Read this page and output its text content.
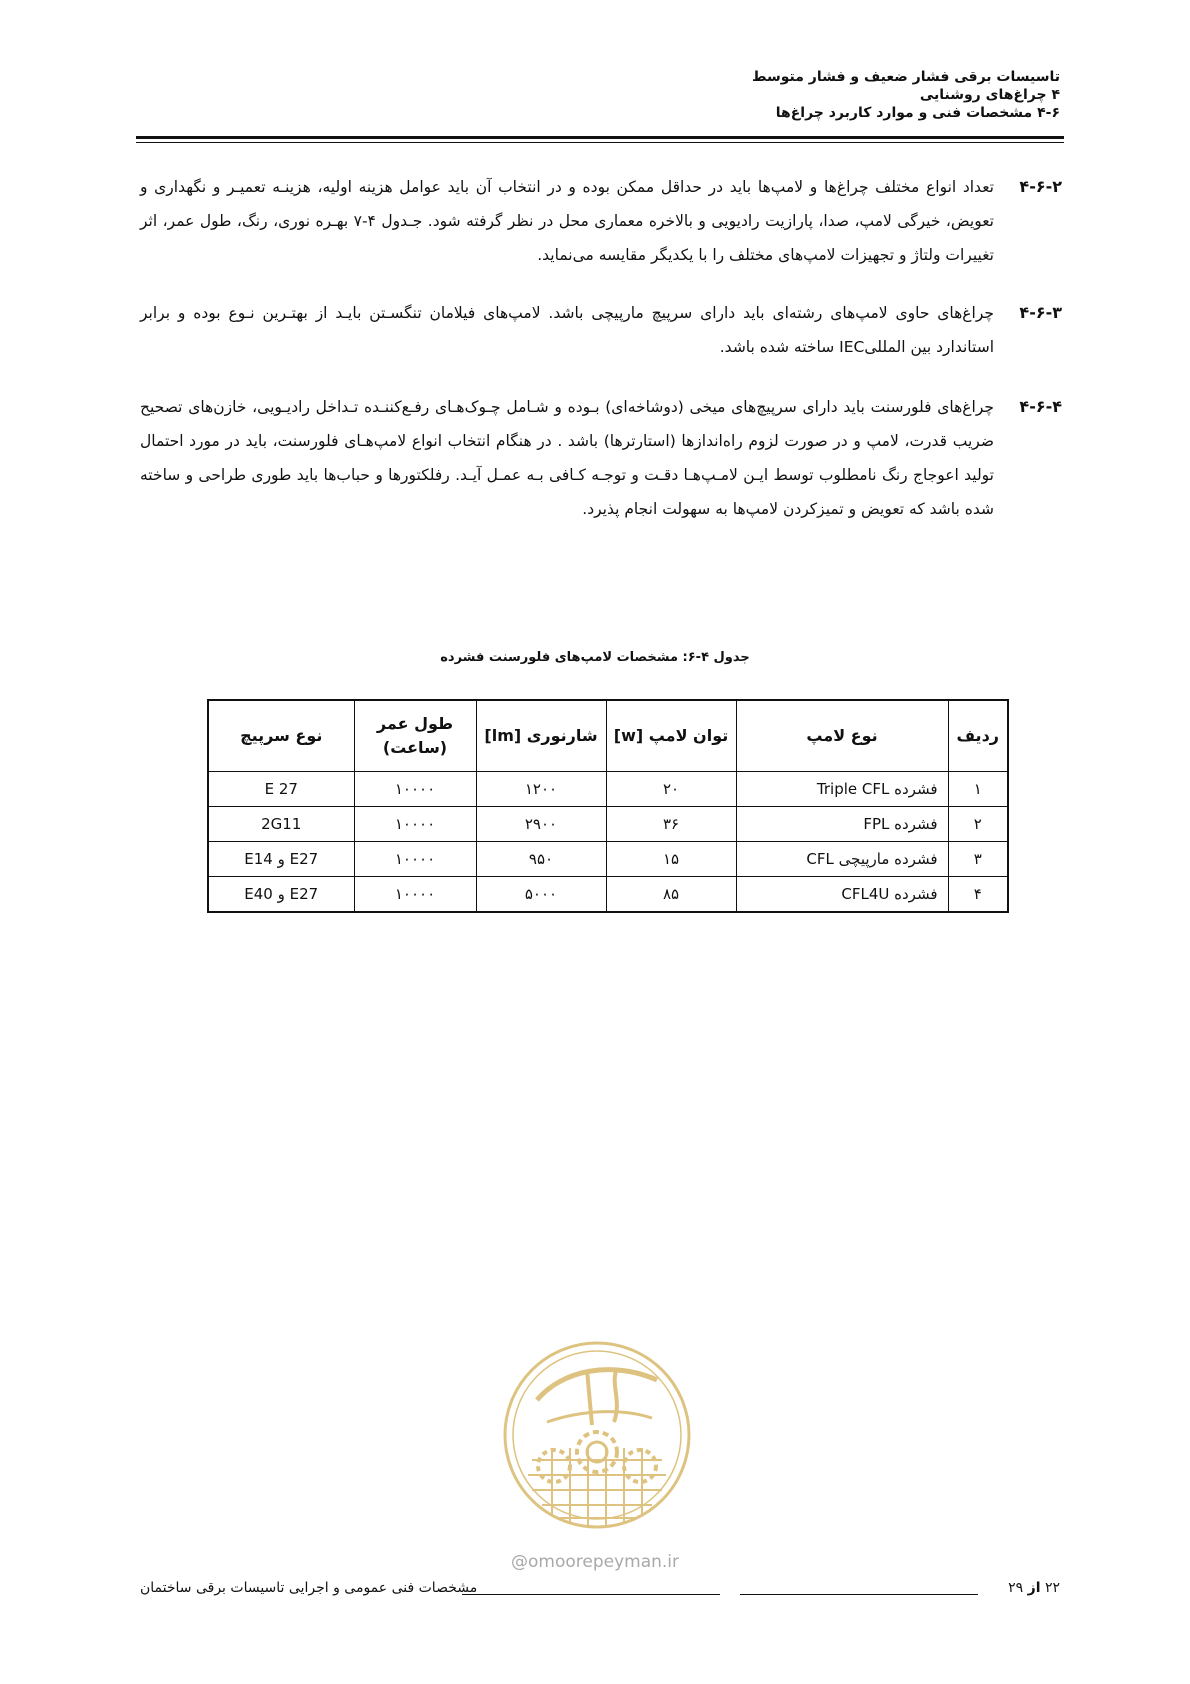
تاسیسات برقی فشار ضعیف و فشار متوسط
۴ چراغ‌های روشنایی
۴-۶ مشخصات فنی و موارد کاربرد چراغ‌ها
۴-۶-۲
تعداد انواع مختلف چراغ‌ها و لامپ‌ها باید در حداقل ممکن بوده و در انتخاب آن باید عوامل هزینه اولیه، هزینـه تعمیـر و نگهداری و تعویض، خیرگی لامپ، صدا، پارازیت رادیویی و بالاخره معماری محل در نظر گرفته شود. جـدول ۴-۷ بهـره نوری، رنگ، طول عمر، اثر تغییرات ولتاژ و تجهیزات لامپ‌های مختلف را با یکدیگر مقایسه می‌نماید.
۴-۶-۳
چراغ‌های حاوی لامپ‌های رشته‌ای باید دارای سرپیچ مارپیچی باشد. لامپ‌های فیلامان تنگسـتن بایـد از بهتـرین نـوع بوده و برابر استاندارد بین المللیIEC ساخته شده باشد.
۴-۶-۴
چراغ‌های فلورسنت باید دارای سرپیچ‌های میخی (دوشاخه‌ای) بـوده و شـامل چـوک‌هـای رفـع‌کننـده تـداخل رادیـویی، خازن‌های تصحیح ضریب قدرت، لامپ و در صورت لزوم راه‌اندازها (استارترها) باشد . در هنگام انتخاب انواع لامپ‌هـای فلورسنت، باید در مورد احتمال تولید اعوجاج رنگ نامطلوب توسط ایـن لامـپ‌هـا دقـت و توجـه کـافی بـه عمـل آیـد. رفلکتورها و حباب‌ها باید طوری طراحی و ساخته شده باشد که تعویض و تمیزکردن لامپ‌ها به سهولت انجام پذیرد.
جدول ۴-۶: مشخصات لامپ‌های فلورسنت فشرده
ردیف	نوع لامپ	توان لامپ [w]	شارنوری [lm]	طول عمر (ساعت)	نوع سرپیچ
۱	فشرده Triple CFL	۲۰	۱۲۰۰	۱۰۰۰۰	E 27
۲	فشرده FPL	۳۶	۲۹۰۰	۱۰۰۰۰	2G11
۳	فشرده مارپیچی CFL	۱۵	۹۵۰	۱۰۰۰۰	E27 و E14
۴	فشرده CFL4U	۸۵	۵۰۰۰	۱۰۰۰۰	E27 و E40
@omoorepeyman.ir
۲۲ از ۲۹
مشخصات فنی عمومی و اجرایی تاسیسات برقی ساختمان
